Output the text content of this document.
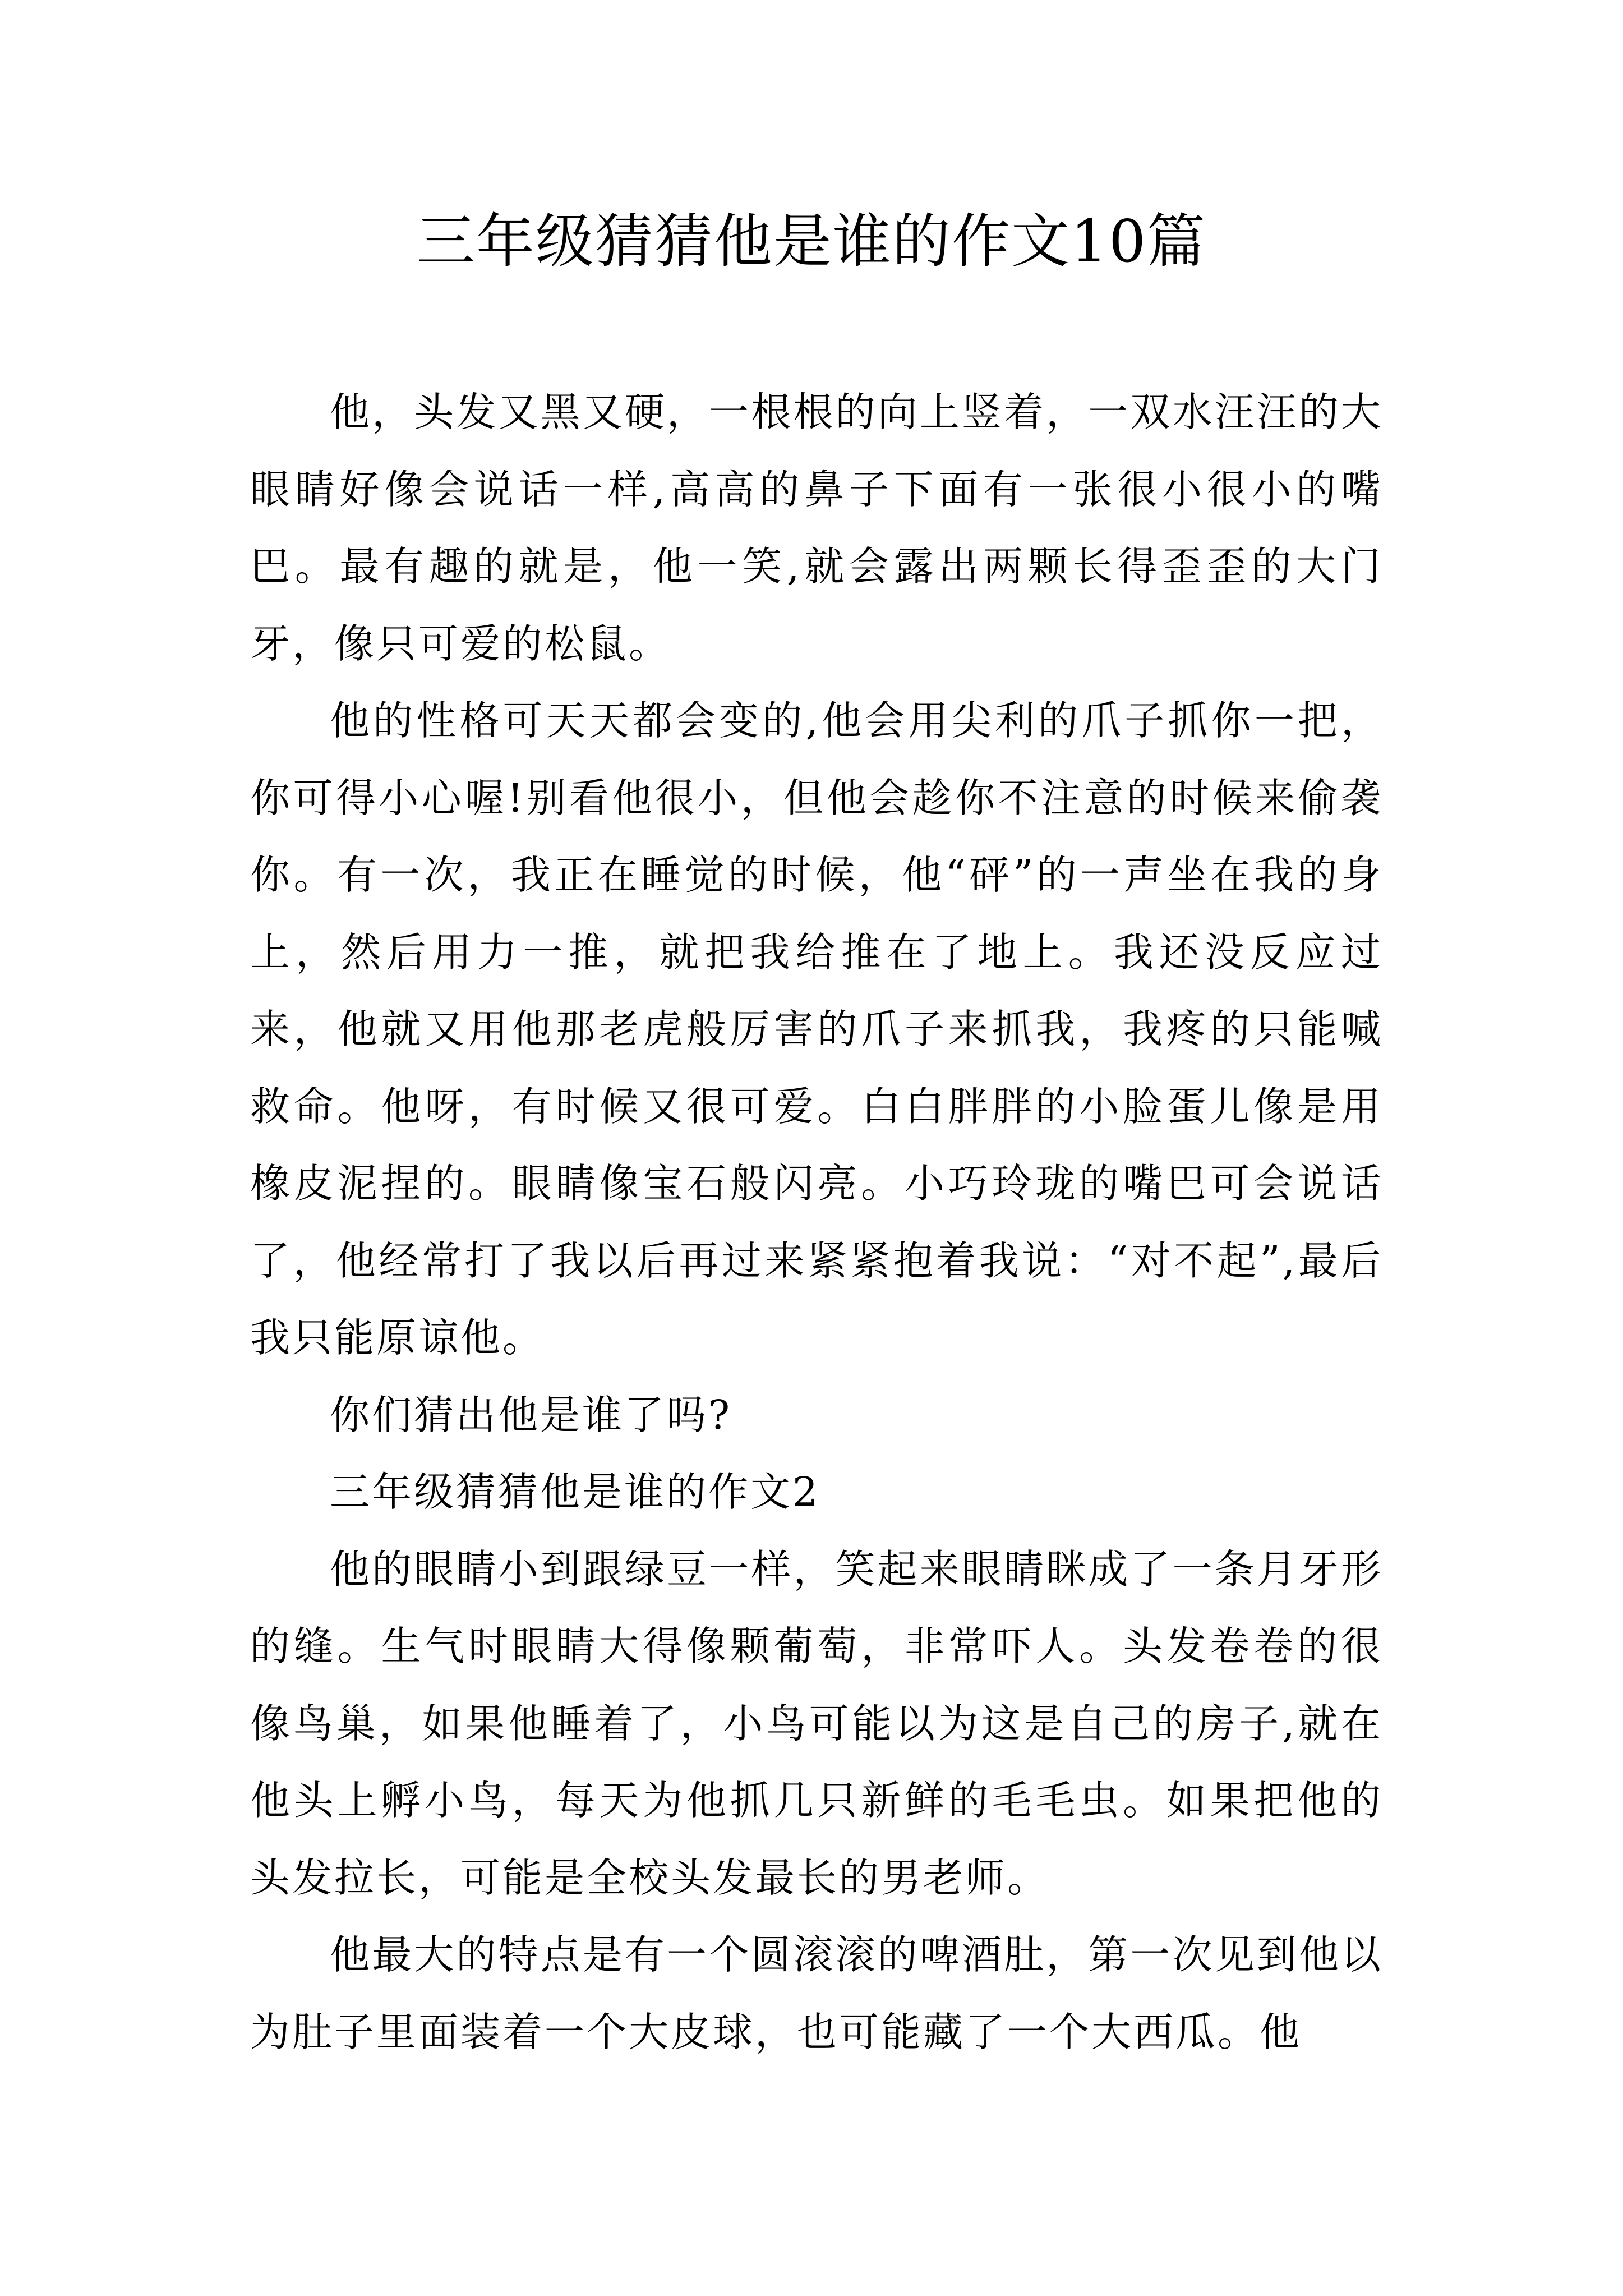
三年级猜猜他是谁的作文10篇

他，头发又黑又硬，一根根的向上竖着，一双水汪汪的大眼睛好像会说话一样,高高的鼻子下面有一张很小很小的嘴巴。最有趣的就是，他一笑,就会露出两颗长得歪歪的大门牙，像只可爱的松鼠。

他的性格可天天都会变的,他会用尖利的爪子抓你一把，你可得小心喔!别看他很小，但他会趁你不注意的时候来偷袭你。有一次，我正在睡觉的时候，他“砰”的一声坐在我的身上，然后用力一推，就把我给推在了地上。我还没反应过来，他就又用他那老虎般厉害的爪子来抓我，我疼的只能喊救命。他呀，有时候又很可爱。白白胖胖的小脸蛋儿像是用橡皮泥捏的。眼睛像宝石般闪亮。小巧玲珑的嘴巴可会说话了，他经常打了我以后再过来紧紧抱着我说：“对不起”,最后我只能原谅他。

你们猜出他是谁了吗?

三年级猜猜他是谁的作文2

他的眼睛小到跟绿豆一样，笑起来眼睛眯成了一条月牙形的缝。生气时眼睛大得像颗葡萄，非常吓人。头发卷卷的很像鸟巢，如果他睡着了，小鸟可能以为这是自己的房子,就在他头上孵小鸟，每天为他抓几只新鲜的毛毛虫。如果把他的头发拉长，可能是全校头发最长的男老师。

他最大的特点是有一个圆滚滚的啤酒肚，第一次见到他以为肚子里面装着一个大皮球，也可能藏了一个大西瓜。他
